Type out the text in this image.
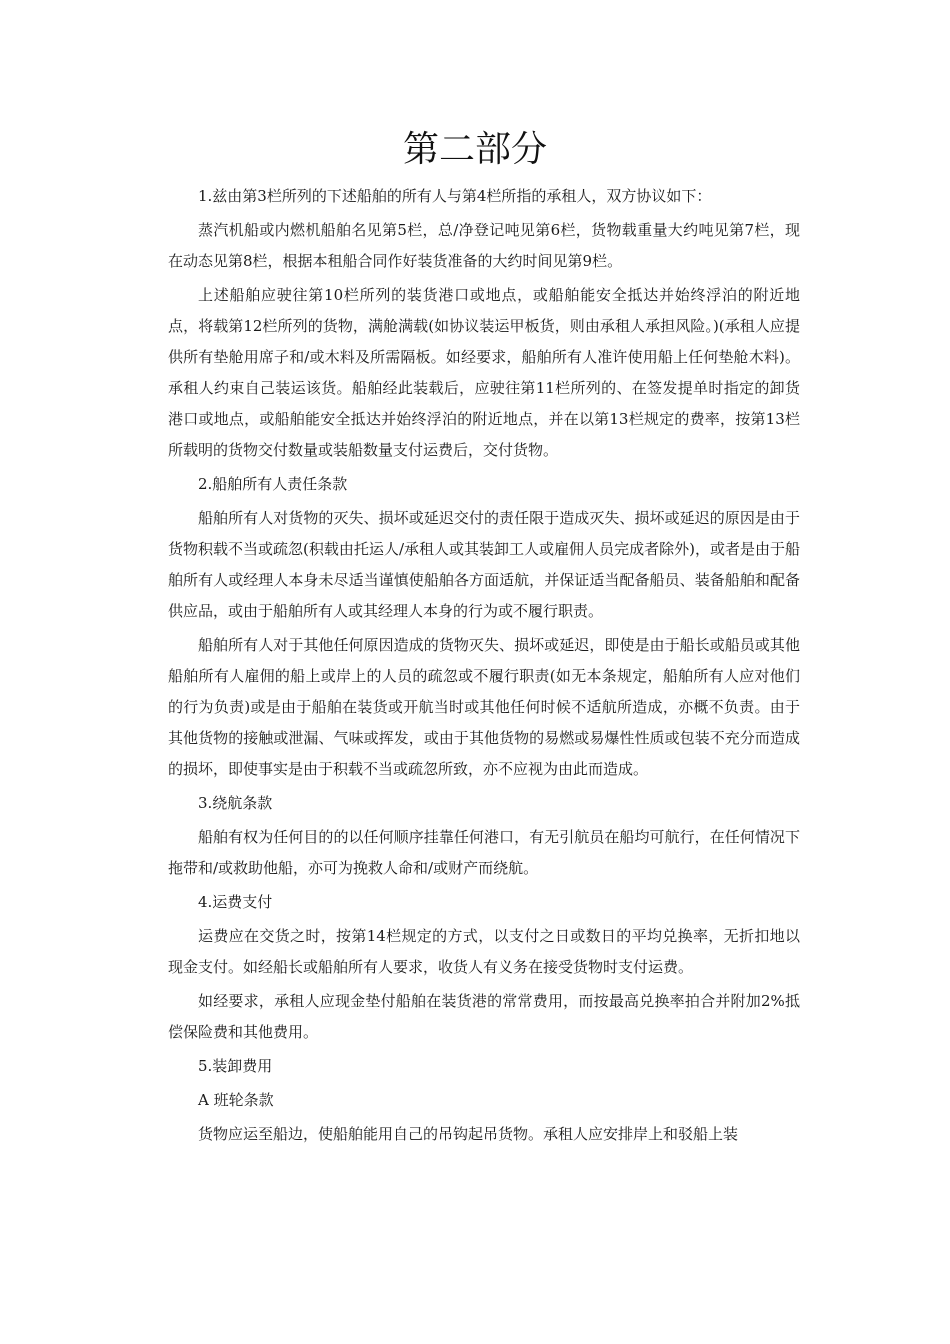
第二部分

1.兹由第3栏所列的下述船舶的所有人与第4栏所指的承租人，双方协议如下：

蒸汽机船或内燃机船舶名见第5栏，总/净登记吨见第6栏，货物载重量大约吨见第7栏，现在动态见第8栏，根据本租船合同作好装货准备的大约时间见第9栏。

上述船舶应驶往第10栏所列的装货港口或地点，或船舶能安全抵达并始终浮泊的附近地点，将载第12栏所列的货物，满舱满载(如协议装运甲板货，则由承租人承担风险。)(承租人应提供所有垫舱用席子和/或木料及所需隔板。如经要求，船舶所有人准许使用船上任何垫舱木料)。承租人约束自己装运该货。船舶经此装载后，应驶往第11栏所列的、在签发提单时指定的卸货港口或地点，或船舶能安全抵达并始终浮泊的附近地点，并在以第13栏规定的费率，按第13栏所载明的货物交付数量或装船数量支付运费后，交付货物。

2.船舶所有人责任条款

船舶所有人对货物的灭失、损坏或延迟交付的责任限于造成灭失、损坏或延迟的原因是由于货物积载不当或疏忽(积载由托运人/承租人或其装卸工人或雇佣人员完成者除外)，或者是由于船舶所有人或经理人本身未尽适当谨慎使船舶各方面适航，并保证适当配备船员、装备船舶和配备供应品，或由于船舶所有人或其经理人本身的行为或不履行职责。

船舶所有人对于其他任何原因造成的货物灭失、损坏或延迟，即使是由于船长或船员或其他船舶所有人雇佣的船上或岸上的人员的疏忽或不履行职责(如无本条规定，船舶所有人应对他们的行为负责)或是由于船舶在装货或开航当时或其他任何时候不适航所造成，亦概不负责。由于其他货物的接触或泄漏、气味或挥发，或由于其他货物的易燃或易爆性性质或包装不充分而造成的损坏，即使事实是由于积载不当或疏忽所致，亦不应视为由此而造成。

3.绕航条款

船舶有权为任何目的的以任何顺序挂靠任何港口，有无引航员在船均可航行，在任何情况下拖带和/或救助他船，亦可为挽救人命和/或财产而绕航。

4.运费支付

运费应在交货之时，按第14栏规定的方式，以支付之日或数日的平均兑换率，无折扣地以现金支付。如经船长或船舶所有人要求，收货人有义务在接受货物时支付运费。

如经要求，承租人应现金垫付船舶在装货港的常常费用，而按最高兑换率拍合并附加2%抵偿保险费和其他费用。

5.装卸费用

A 班轮条款

货物应运至船边，使船舶能用自己的吊钩起吊货物。承租人应安排岸上和驳船上装
